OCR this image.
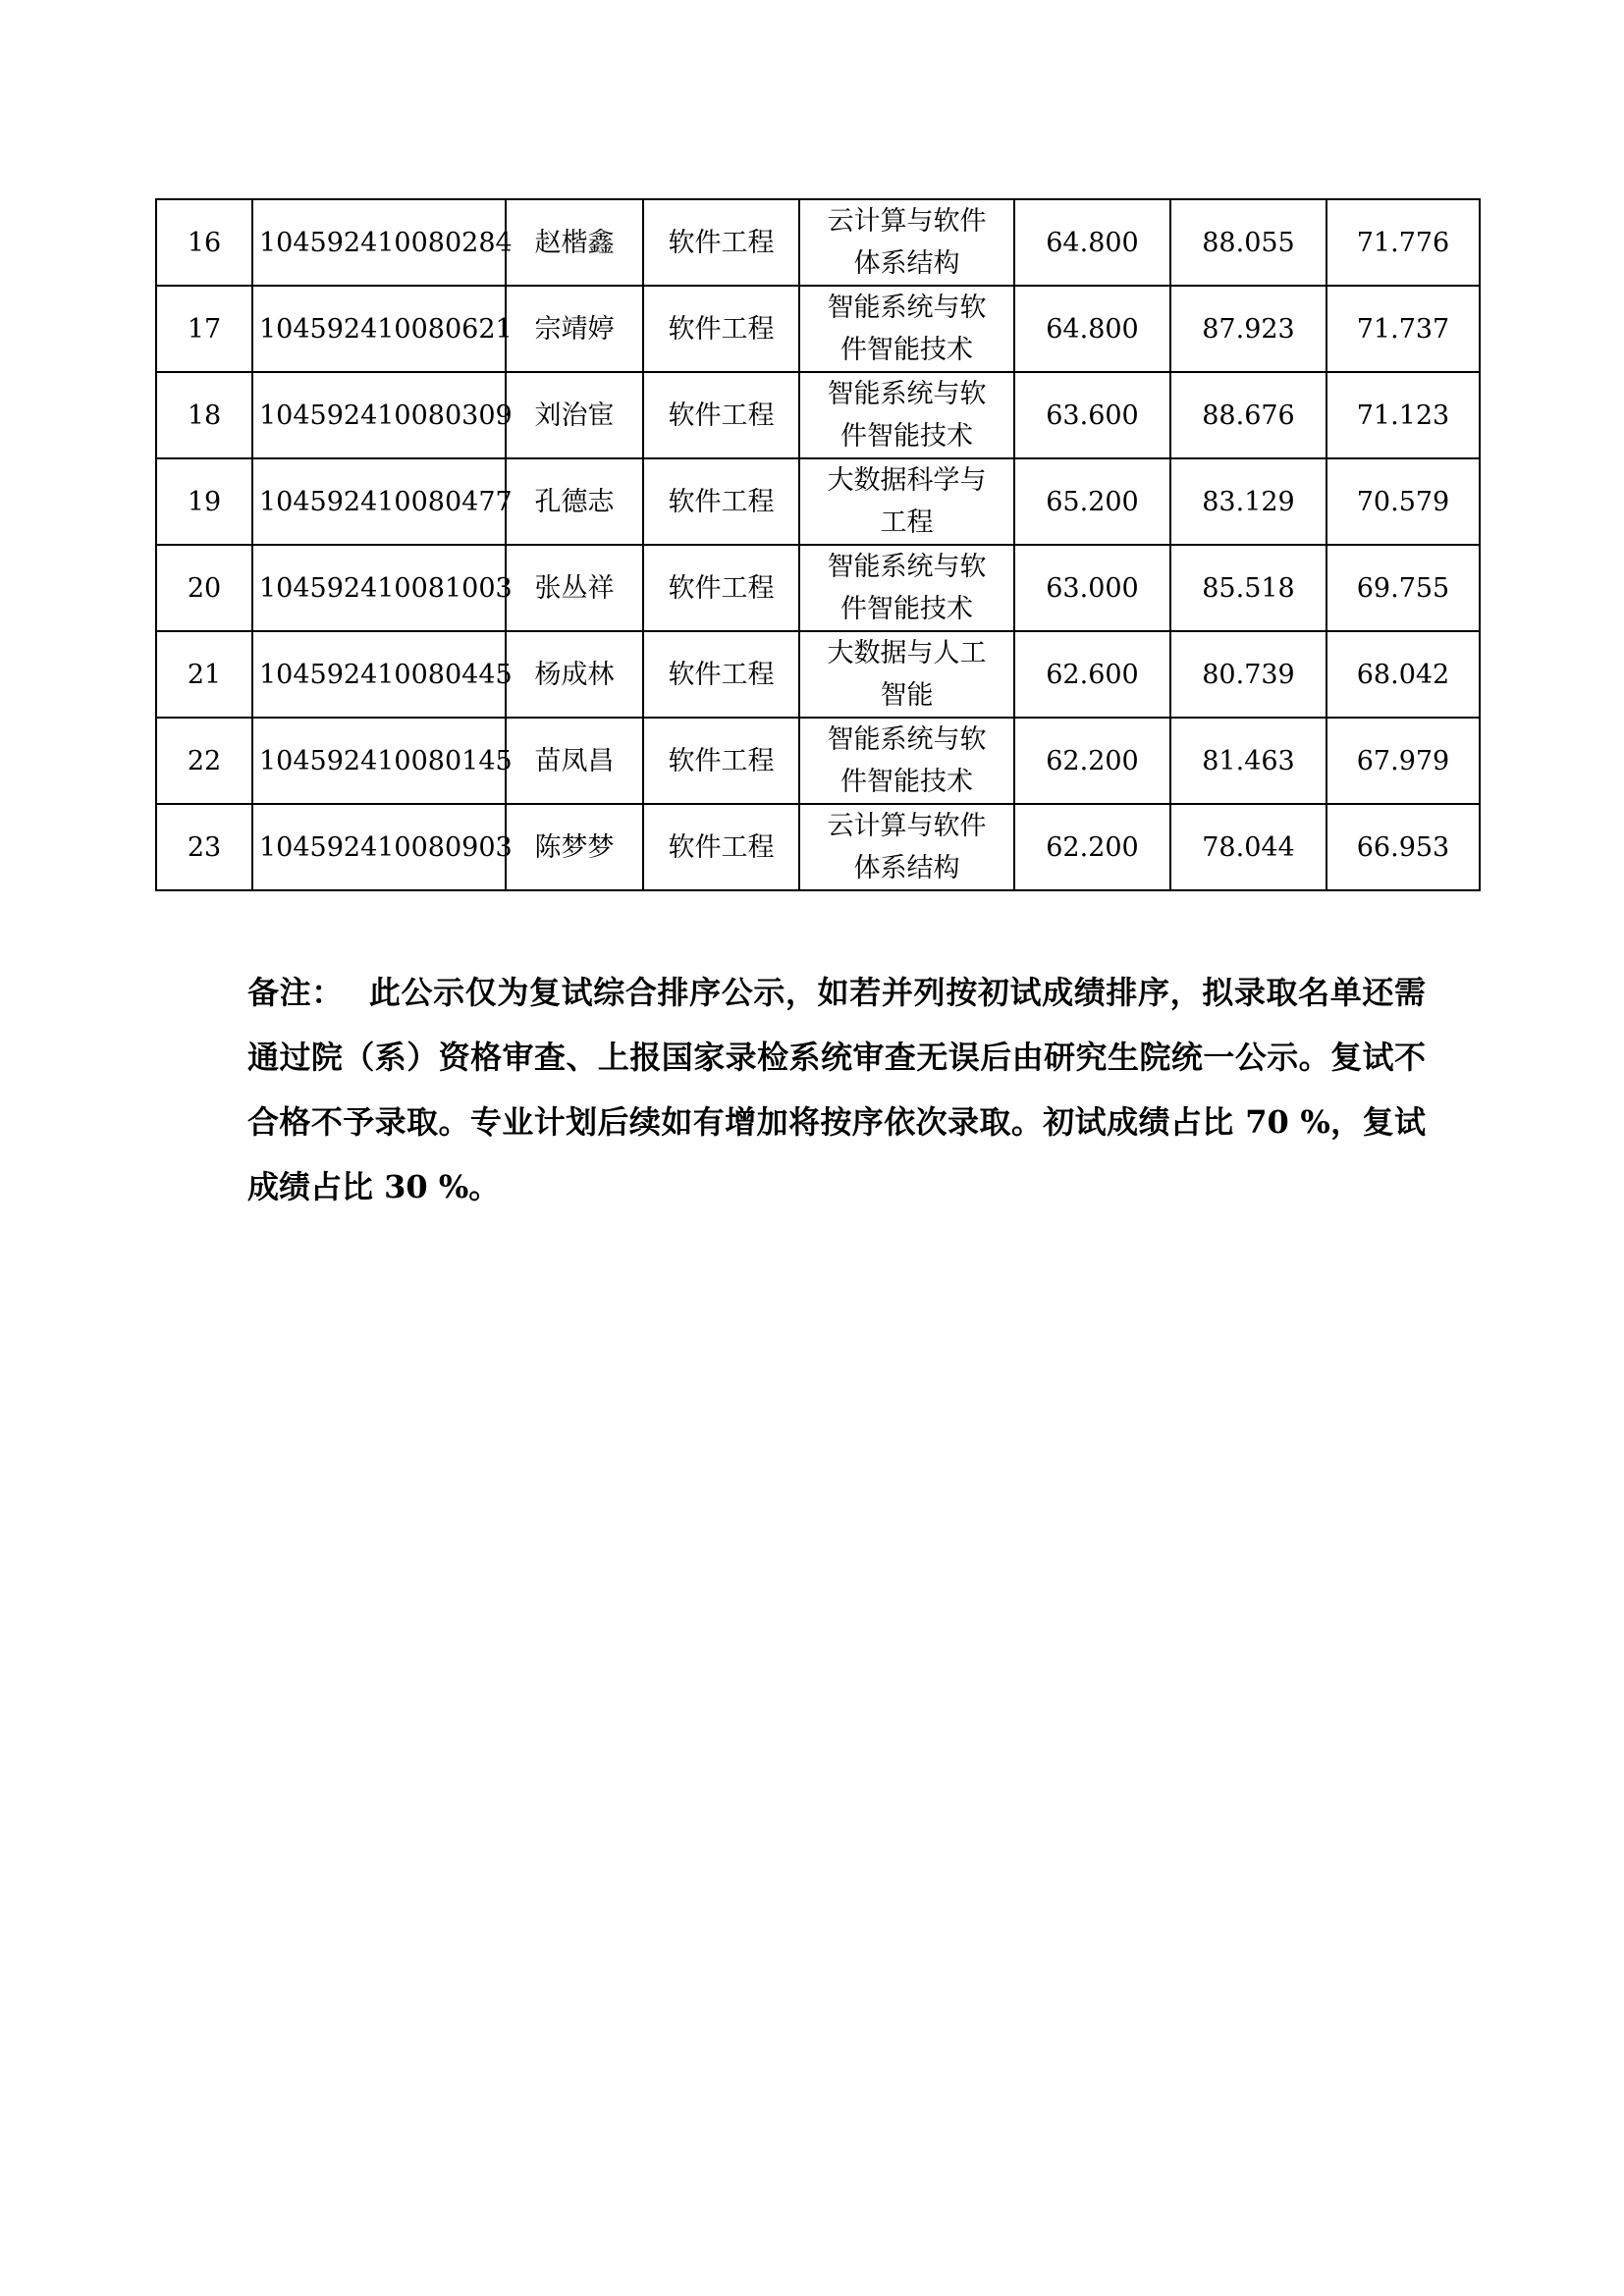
16	104592410080284	赵楷鑫	软件工程	云计算与软件体系结构	64.800	88.055	71.776
17	104592410080621	宗靖婷	软件工程	智能系统与软件智能技术	64.800	87.923	71.737
18	104592410080309	刘治宦	软件工程	智能系统与软件智能技术	63.600	88.676	71.123
19	104592410080477	孔德志	软件工程	大数据科学与工程	65.200	83.129	70.579
20	104592410081003	张丛祥	软件工程	智能系统与软件智能技术	63.000	85.518	69.755
21	104592410080445	杨成林	软件工程	大数据与人工智能	62.600	80.739	68.042
22	104592410080145	苗凤昌	软件工程	智能系统与软件智能技术	62.200	81.463	67.979
23	104592410080903	陈梦梦	软件工程	云计算与软件体系结构	62.200	78.044	66.953

备注： 此公示仅为复试综合排序公示，如若并列按初试成绩排序，拟录取名单还需通过院（系）资格审查、上报国家录检系统审查无误后由研究生院统一公示。复试不合格不予录取。专业计划后续如有增加将按序依次录取。初试成绩占比 70 %，复试成绩占比 30 %。
